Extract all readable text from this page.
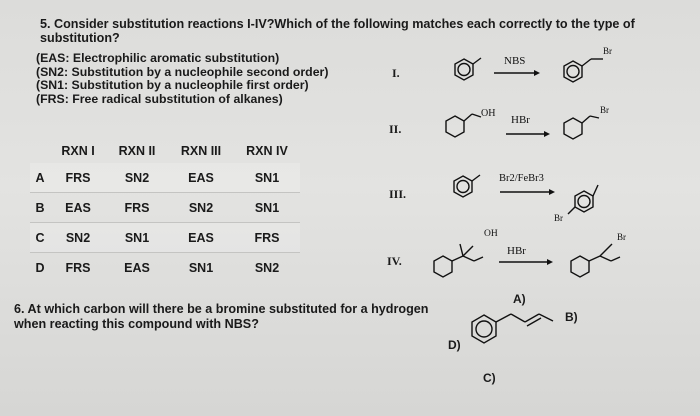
5. Consider substitution reactions I-IV?Which of the following matches each correctly to the type of substitution?
(EAS: Electrophilic aromatic substitution)
(SN2: Substitution by a nucleophile second order)
(SN1: Substitution by a nucleophile first order)
(FRS: Free radical substitution of alkanes)
	RXN I	RXN II	RXN III	RXN IV
A	FRS	SN2	EAS	SN1
B	EAS	FRS	SN2	SN1
C	SN2	SN1	EAS	FRS
D	FRS	EAS	SN1	SN2
I.
II.
III.
IV.
NBS
Br
OH
HBr
Br
Br2/FeBr3
Br
OH
HBr
Br
6. At which carbon will there be a bromine substituted for a hydrogen when reacting this compound with NBS?
A)
B)
C)
D)
